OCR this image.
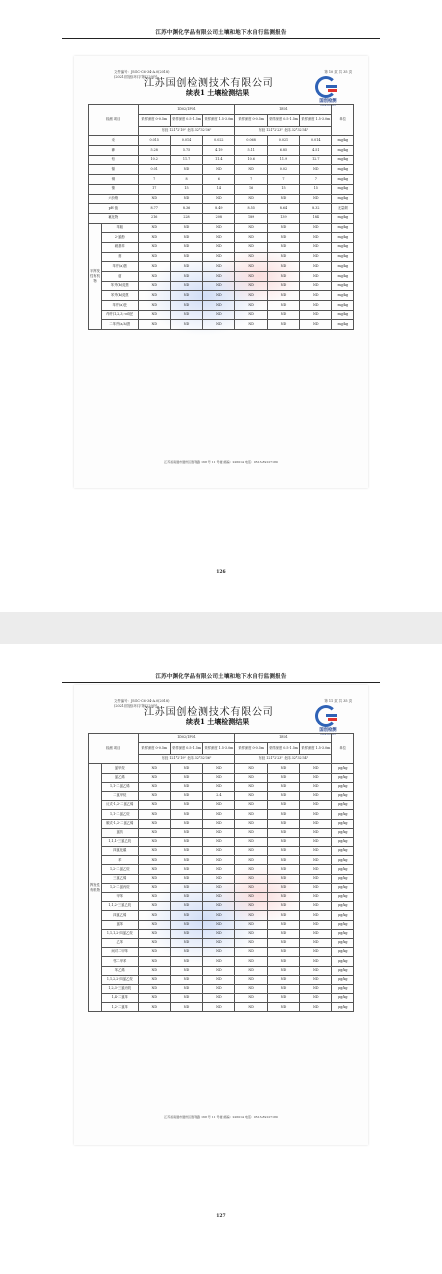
江苏中渊化学品有限公司土壤和地下水自行监测报告
文件编号：JSGC-C6-34-A.0(2018)
(2021)国创(环)字第(229)号
第 10 页 共 35 页
江苏国创检测技术有限公司
续表1 土壤检测结果
国创检测
GUOCHUANG
检测 项目		1D02/1F01			1E01			单位
		采样深度 0-0.5m	采样深度 0.5-1.5m	采样深度 1.5-3.0m	采样深度 0-0.5m	采样深度 0.5-1.5m	采样深度 1.5-3.0m	
		东经 121°2'19" 北纬 32°32'36"			东经 121°2'23" 北纬 32°32'34"			
汞		0.015	0.014	0.022	0.068	0.021	0.014	mg/kg
砷		5.28	5.75	4.19	5.11	6.85	4.51	mg/kg
铅		10.2	11.7	11.4	10.6	11.9	12.7	mg/kg
镉		0.01	ND	ND	ND	0.02	ND	mg/kg
铜		7	8	6	7	7	7	mg/kg
镍		17	15	14	16	15	15	mg/kg
六价铬		ND	ND	ND	ND	ND	ND	mg/kg
pH 值		8.77	8.36	8.49	8.55	8.64	8.32	无量纲
氟化物		216	228	208	189	139	184	mg/kg
半挥发性有机物	苯胺	ND	ND	ND	ND	ND	ND	mg/kg
	2-氯酚	ND	ND	ND	ND	ND	ND	mg/kg
	硝基苯	ND	ND	ND	ND	ND	ND	mg/kg
	萘	ND	ND	ND	ND	ND	ND	mg/kg
	苯并(a)蒽	ND	ND	ND	ND	ND	ND	mg/kg
	䓛	ND	ND	ND	ND	ND	ND	mg/kg
	苯并(b)荧蒽	ND	ND	ND	ND	ND	ND	mg/kg
	苯并(k)荧蒽	ND	ND	ND	ND	ND	ND	mg/kg
	苯并(a)芘	ND	ND	ND	ND	ND	ND	mg/kg
	茚并(1,2,3,-cd)芘	ND	ND	ND	ND	ND	ND	mg/kg
	二苯并(a,h)蒽	ND	ND	ND	ND	ND	ND	mg/kg
江苏省南通市通州区胜利路 168 号 11 号楼 邮编：226014 电话：0513-89127180
126
江苏中渊化学品有限公司土壤和地下水自行监测报告
文件编号：JSGC-C6-34-A.0(2018)
(2021)国创(环)字第(229)号
第 11 页 共 35 页
江苏国创检测技术有限公司
续表1 土壤检测结果
国创检测
GUOCHUANG
检测 项目		1D02/1F01			1E01			单位
		采样深度 0-0.5m	采样深度 0.5-1.5m	采样深度 1.5-3.0m	采样深度 0-0.5m	采样深度 0.5-1.5m	采样深度 1.5-3.0m	
		东经 121°2'19" 北纬 32°32'36"			东经 121°2'23" 北纬 32°32'34"			
挥发性有机物	氯甲烷	ND	ND	ND	ND	ND	ND	μg/kg
	氯乙烯	ND	ND	ND	ND	ND	ND	μg/kg
	1,1-二氯乙烯	ND	ND	ND	ND	ND	ND	μg/kg
	二氯甲烷	ND	ND	2.4	ND	ND	ND	μg/kg
	反式-1,2-二氯乙烯	ND	ND	ND	ND	ND	ND	μg/kg
	1,1-二氯乙烷	ND	ND	ND	ND	ND	ND	μg/kg
	顺式-1,2-二氯乙烯	ND	ND	ND	ND	ND	ND	μg/kg
	氯仿	ND	ND	ND	ND	ND	ND	μg/kg
	1,1,1-三氯乙烷	ND	ND	ND	ND	ND	ND	μg/kg
	四氯化碳	ND	ND	ND	ND	ND	ND	μg/kg
	苯	ND	ND	ND	ND	ND	ND	μg/kg
	1,2-二氯乙烷	ND	ND	ND	ND	ND	ND	μg/kg
	三氯乙烯	ND	ND	ND	ND	ND	ND	μg/kg
	1,2-二氯丙烷	ND	ND	ND	ND	ND	ND	μg/kg
	甲苯	ND	ND	ND	ND	ND	ND	μg/kg
	1,1,2-三氯乙烷	ND	ND	ND	ND	ND	ND	μg/kg
	四氯乙烯	ND	ND	ND	ND	ND	ND	μg/kg
	氯苯	ND	ND	ND	ND	ND	ND	μg/kg
	1,1,1,2-四氯乙烷	ND	ND	ND	ND	ND	ND	μg/kg
	乙苯	ND	ND	ND	ND	ND	ND	μg/kg
	间对二甲苯	ND	ND	ND	ND	ND	ND	μg/kg
	邻二甲苯	ND	ND	ND	ND	ND	ND	μg/kg
	苯乙烯	ND	ND	ND	ND	ND	ND	μg/kg
	1,1,2,2-四氯乙烷	ND	ND	ND	ND	ND	ND	μg/kg
	1,2,3-三氯丙烷	ND	ND	ND	ND	ND	ND	μg/kg
	1,4-二氯苯	ND	ND	ND	ND	ND	ND	μg/kg
	1,2-二氯苯	ND	ND	ND	ND	ND	ND	μg/kg
江苏省南通市通州区胜利路 168 号 11 号楼 邮编：226014 电话：0513-89127180
127
